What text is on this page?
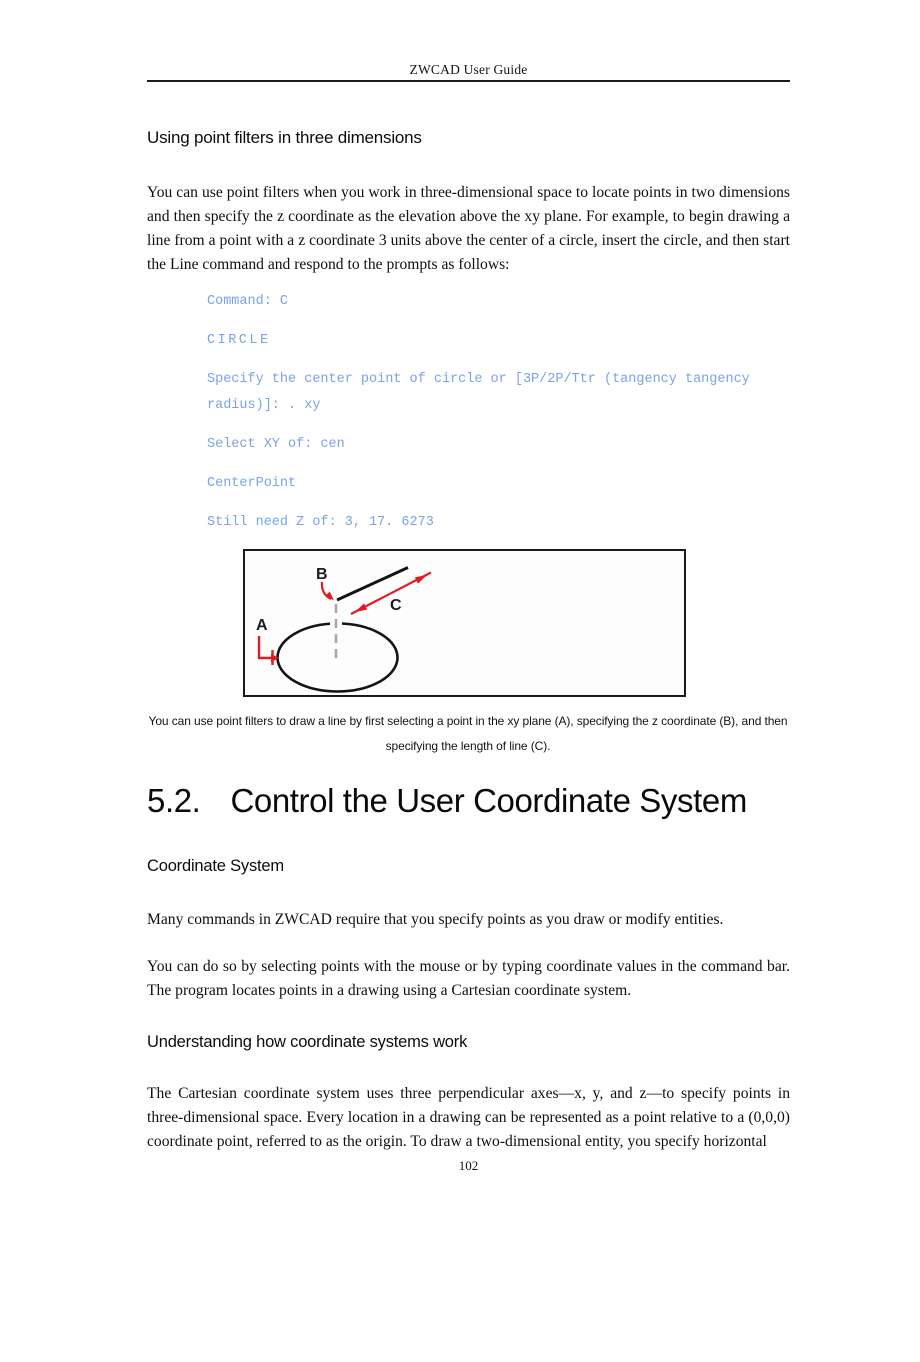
ZWCAD User Guide
Using point filters in three dimensions
You can use point filters when you work in three-dimensional space to locate points in two dimensions and then specify the z coordinate as the elevation above the xy plane. For example, to begin drawing a line from a point with a z coordinate 3 units above the center of a circle, insert the circle, and then start the Line command and respond to the prompts as follows:
Command: C
CIRCLE
Specify the center point of circle or [3P/2P/Ttr (tangency tangency radius)]: . xy
Select XY of: cen
CenterPoint
Still need Z of: 3, 17. 6273
A
B
C
You can use point filters to draw a line by first selecting a point in the xy plane (A), specifying the z coordinate (B), and then specifying the length of line (C).
5.2. Control the User Coordinate System
Coordinate System
Many commands in ZWCAD require that you specify points as you draw or modify entities.
You can do so by selecting points with the mouse or by typing coordinate values in the command bar. The program locates points in a drawing using a Cartesian coordinate system.
Understanding how coordinate systems work
The Cartesian coordinate system uses three perpendicular axes—x, y, and z—to specify points in three-dimensional space. Every location in a drawing can be represented as a point relative to a (0,0,0) coordinate point, referred to as the origin. To draw a two-dimensional entity, you specify horizontal
102
